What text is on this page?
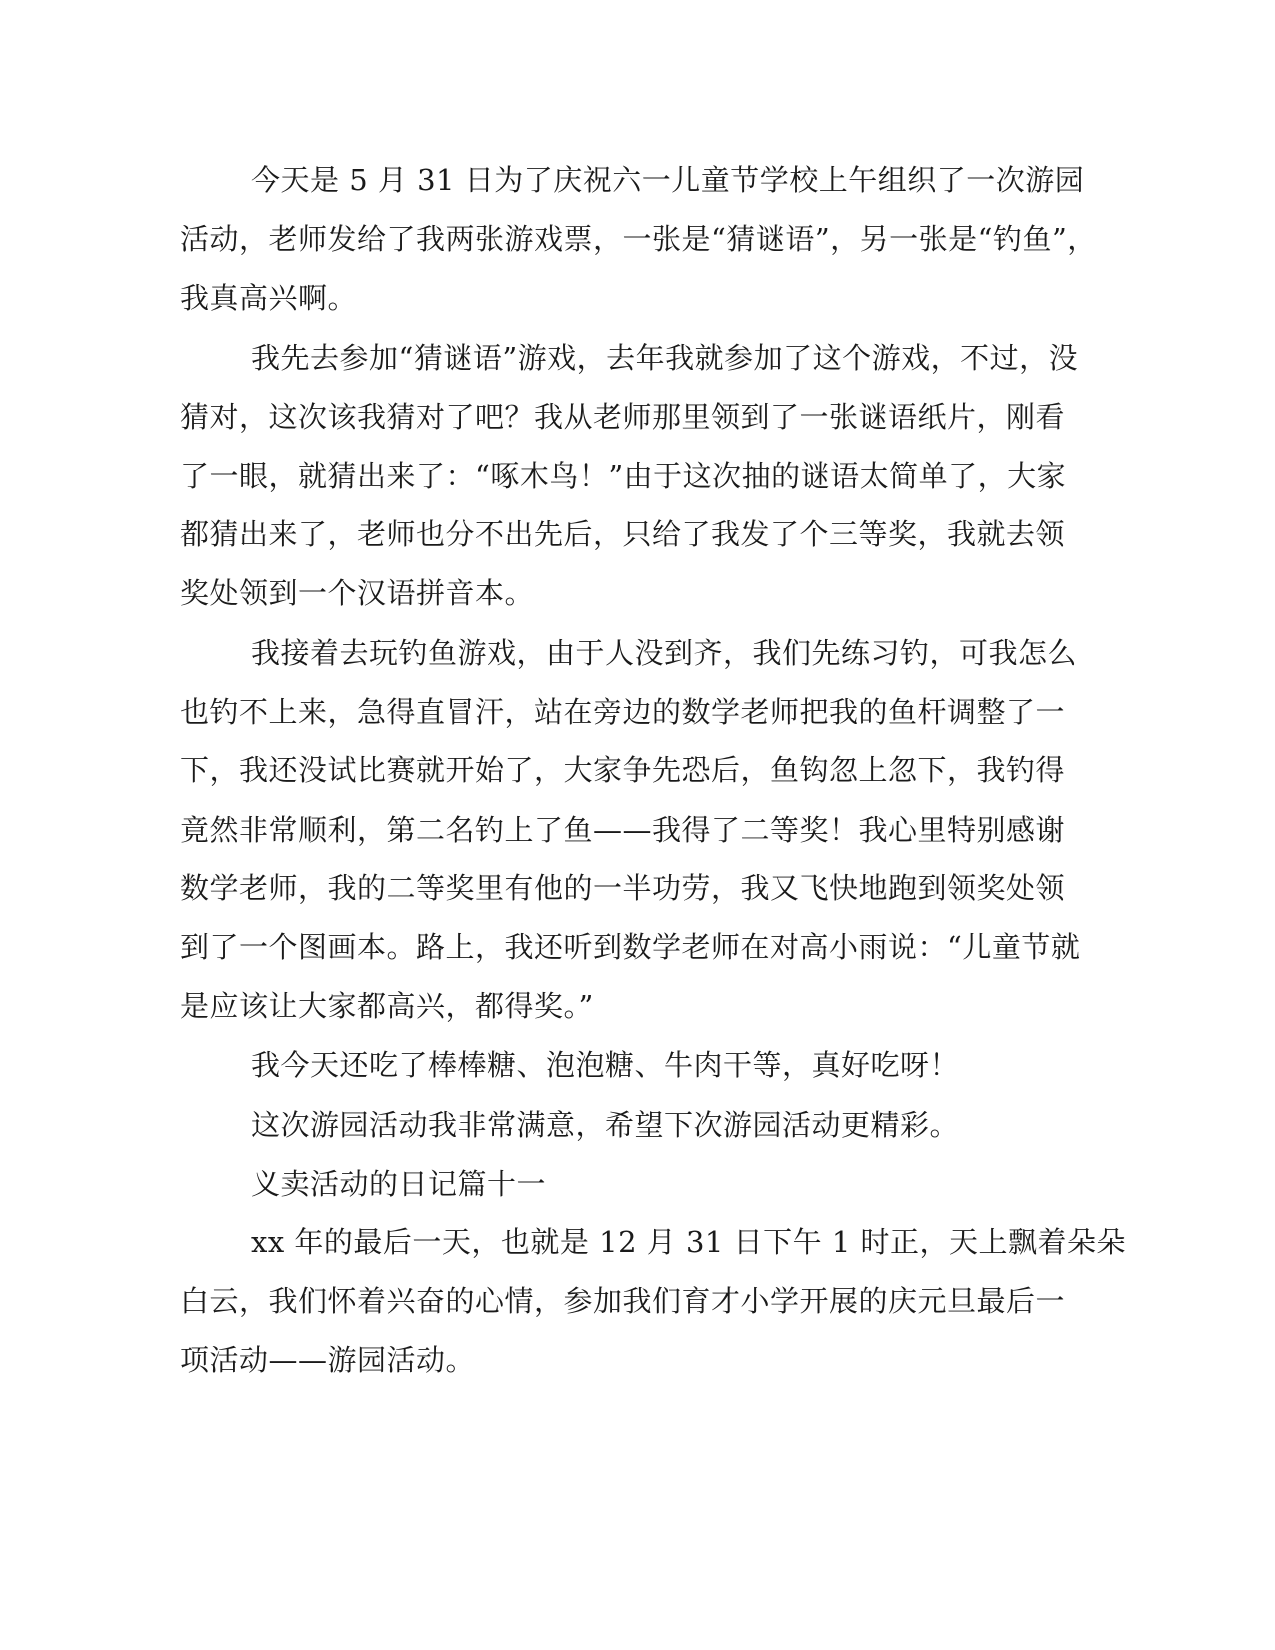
今天是 5 月 31 日为了庆祝六一儿童节学校上午组织了一次游园
活动，老师发给了我两张游戏票，一张是“猜谜语”，另一张是“钓鱼”，
我真高兴啊。
我先去参加“猜谜语”游戏，去年我就参加了这个游戏，不过，没
猜对，这次该我猜对了吧？我从老师那里领到了一张谜语纸片，刚看
了一眼，就猜出来了：“啄木鸟！”由于这次抽的谜语太简单了，大家
都猜出来了，老师也分不出先后，只给了我发了个三等奖，我就去领
奖处领到一个汉语拼音本。
我接着去玩钓鱼游戏，由于人没到齐，我们先练习钓，可我怎么
也钓不上来，急得直冒汗，站在旁边的数学老师把我的鱼杆调整了一
下，我还没试比赛就开始了，大家争先恐后，鱼钩忽上忽下，我钓得
竟然非常顺利，第二名钓上了鱼——我得了二等奖！我心里特别感谢
数学老师，我的二等奖里有他的一半功劳，我又飞快地跑到领奖处领
到了一个图画本。路上，我还听到数学老师在对高小雨说：“儿童节就
是应该让大家都高兴，都得奖。”
我今天还吃了棒棒糖、泡泡糖、牛肉干等，真好吃呀！
这次游园活动我非常满意，希望下次游园活动更精彩。
义卖活动的日记篇十一
xx 年的最后一天，也就是 12 月 31 日下午 1 时正，天上飘着朵朵
白云，我们怀着兴奋的心情，参加我们育才小学开展的庆元旦最后一
项活动——游园活动。
